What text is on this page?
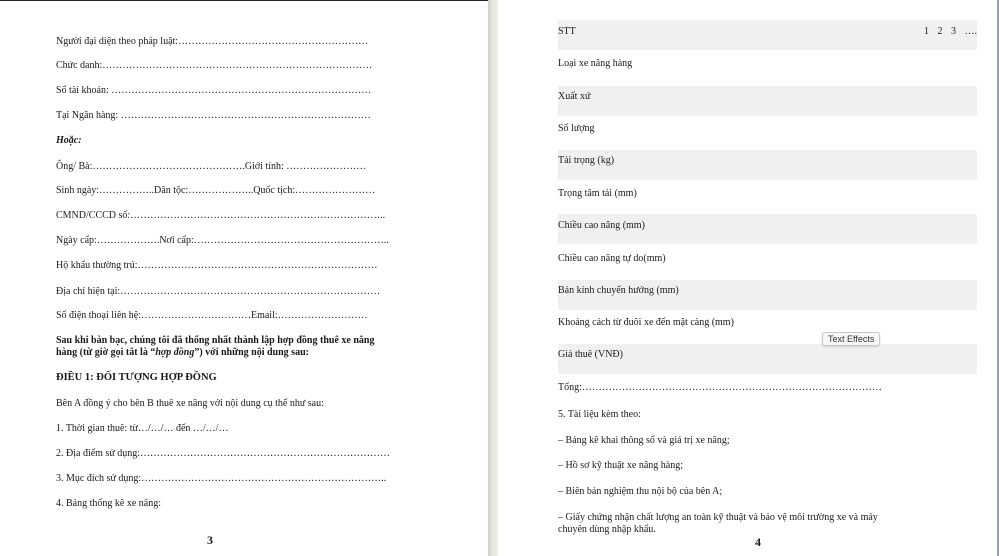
Người đại diện theo pháp luật:…………………………………………………
Chức danh:………………………………………………………………………
Số tài khoản: ……………………………………………………………………
Tại Ngân hàng: …………………………………………………………………
Hoặc:
Ông/ Bà:……………………………………….Giới tính: ……………………
Sinh ngày:……………..Dân tộc:………………..Quốc tịch:……………………
CMND/CCCD số:…………………………………………………………………..
Ngày cấp:……………….Nơi cấp:…………………………………………………..
Hộ khẩu thường trú:………………………………………………………………
Địa chỉ hiện tại:……………………………………………………………………
Số điện thoại liên hệ:……………………………Email:………………………
Sau khi bàn bạc, chúng tôi đã thống nhất thành lập hợp đồng thuê xe nâng
hàng (từ giờ gọi tắt là “hợp đồng”) với những nội dung sau:
ĐIỀU 1: ĐỐI TƯỢNG HỢP ĐỒNG
Bên A đồng ý cho bên B thuê xe nâng với nội dung cụ thể như sau:
1. Thời gian thuê: từ…/…/… đến …/…/…
2. Địa điểm sử dụng:…………………………………………………………………
3. Mục đích sử dụng:………………………………………………………………..
4. Bảng thống kê xe nâng:
3
STT	1 2 3 ….
Loại xe nâng hàng
Xuất xứ
Số lượng
Tải trọng (kg)
Trọng tâm tải (mm)
Chiều cao nâng (mm)
Chiều cao nâng tự do(mm)
Bán kính chuyển hướng (mm)
Khoảng cách từ đuôi xe đến mặt càng (mm)
Giá thuê (VNĐ)
Tổng:………………………………………………………………………………
5. Tài liệu kèm theo:
– Bảng kê khai thông số và giá trị xe nâng;
– Hồ sơ kỹ thuật xe nâng hàng;
– Biên bản nghiệm thu nội bộ của bên A;
– Giấy chứng nhận chất lượng an toàn kỹ thuật và bảo vệ môi trường xe và máy
chuyên dùng nhập khẩu.
4
Text Effects
